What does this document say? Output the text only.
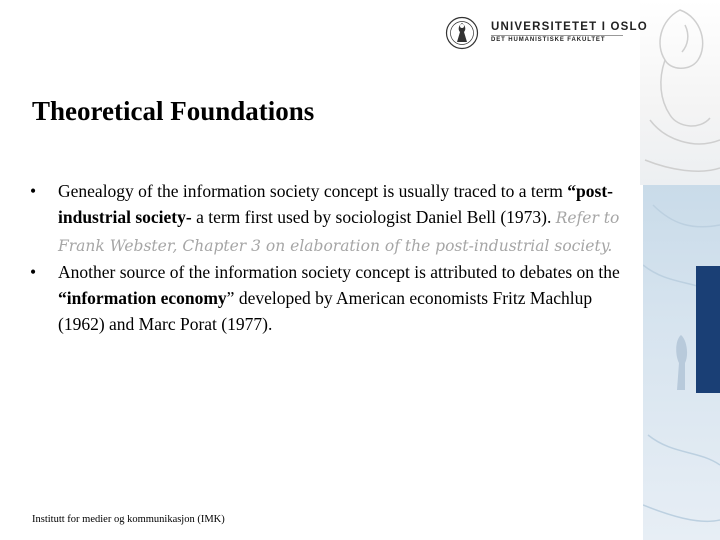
UNIVERSITETET I OSLO
DET HUMANISTISKE FAKULTET
Theoretical Foundations
• Genealogy of the information society concept is usually traced to a term “post-industrial society- a term first used by sociologist Daniel Bell (1973). Refer to Frank Webster, Chapter 3 on elaboration of the post-industrial society.
• Another source of the information society concept is attributed to debates on the “information economy” developed by American economists Fritz Machlup (1962) and Marc Porat (1977).
Institutt for medier og kommunikasjon (IMK)
